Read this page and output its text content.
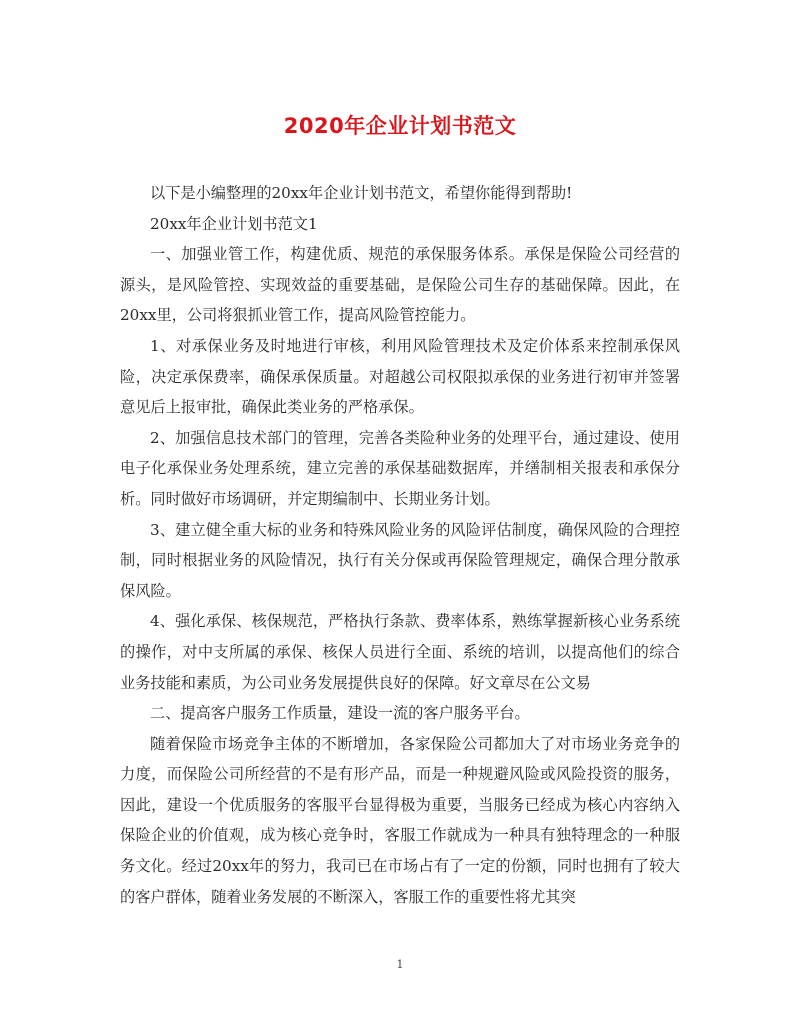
2020年企业计划书范文

以下是小编整理的20xx年企业计划书范文，希望你能得到帮助!

20xx年企业计划书范文1

一、加强业管工作，构建优质、规范的承保服务体系。承保是保险公司经营的源头，是风险管控、实现效益的重要基础，是保险公司生存的基础保障。因此，在20xx里，公司将狠抓业管工作，提高风险管控能力。

1、对承保业务及时地进行审核，利用风险管理技术及定价体系来控制承保风险，决定承保费率，确保承保质量。对超越公司权限拟承保的业务进行初审并签署意见后上报审批，确保此类业务的严格承保。

2、加强信息技术部门的管理，完善各类险种业务的处理平台，通过建设、使用电子化承保业务处理系统，建立完善的承保基础数据库，并缮制相关报表和承保分析。同时做好市场调研，并定期编制中、长期业务计划。

3、建立健全重大标的业务和特殊风险业务的风险评估制度，确保风险的合理控制，同时根据业务的风险情况，执行有关分保或再保险管理规定，确保合理分散承保风险。

4、强化承保、核保规范，严格执行条款、费率体系，熟练掌握新核心业务系统的操作，对中支所属的承保、核保人员进行全面、系统的培训，以提高他们的综合业务技能和素质，为公司业务发展提供良好的保障。好文章尽在公文易

二、提高客户服务工作质量，建设一流的客户服务平台。

随着保险市场竞争主体的不断增加，各家保险公司都加大了对市场业务竞争的力度，而保险公司所经营的不是有形产品，而是一种规避风险或风险投资的服务，因此，建设一个优质服务的客服平台显得极为重要，当服务已经成为核心内容纳入保险企业的价值观，成为核心竞争时，客服工作就成为一种具有独特理念的一种服务文化。经过20xx年的努力，我司已在市场占有了一定的份额，同时也拥有了较大的客户群体，随着业务发展的不断深入，客服工作的重要性将尤其突

1
